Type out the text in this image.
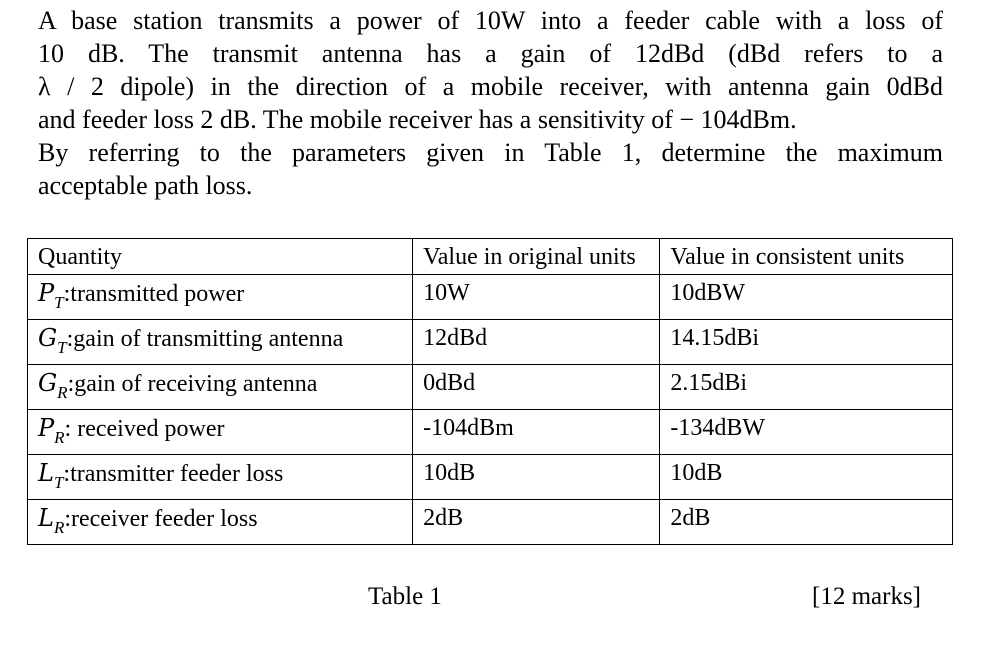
A base station transmits a power of 10W into a feeder cable with a loss of
10 dB. The transmit antenna has a gain of 12dBd (dBd refers to a
λ / 2 dipole) in the direction of a mobile receiver, with antenna gain 0dBd
and feeder loss 2 dB. The mobile receiver has a sensitivity of − 104dBm.
By referring to the parameters given in Table 1, determine the maximum
acceptable path loss.
Quantity	Value in original units	Value in consistent units
$P_T:transmitted$ power	10W	10dBW
$G_T:gain$ of transmitting antenna	12dBd	14.15dBi
$G_R:gain$ of receiving antenna	0dBd	2.15dBi
$P_R$: received power	-104dBm	-134dBW
$L_T:transmitter$ feeder loss	10dB	10dB
$L_R:receiver$ feeder loss	2dB	2dB
Table 1	[12 marks]
